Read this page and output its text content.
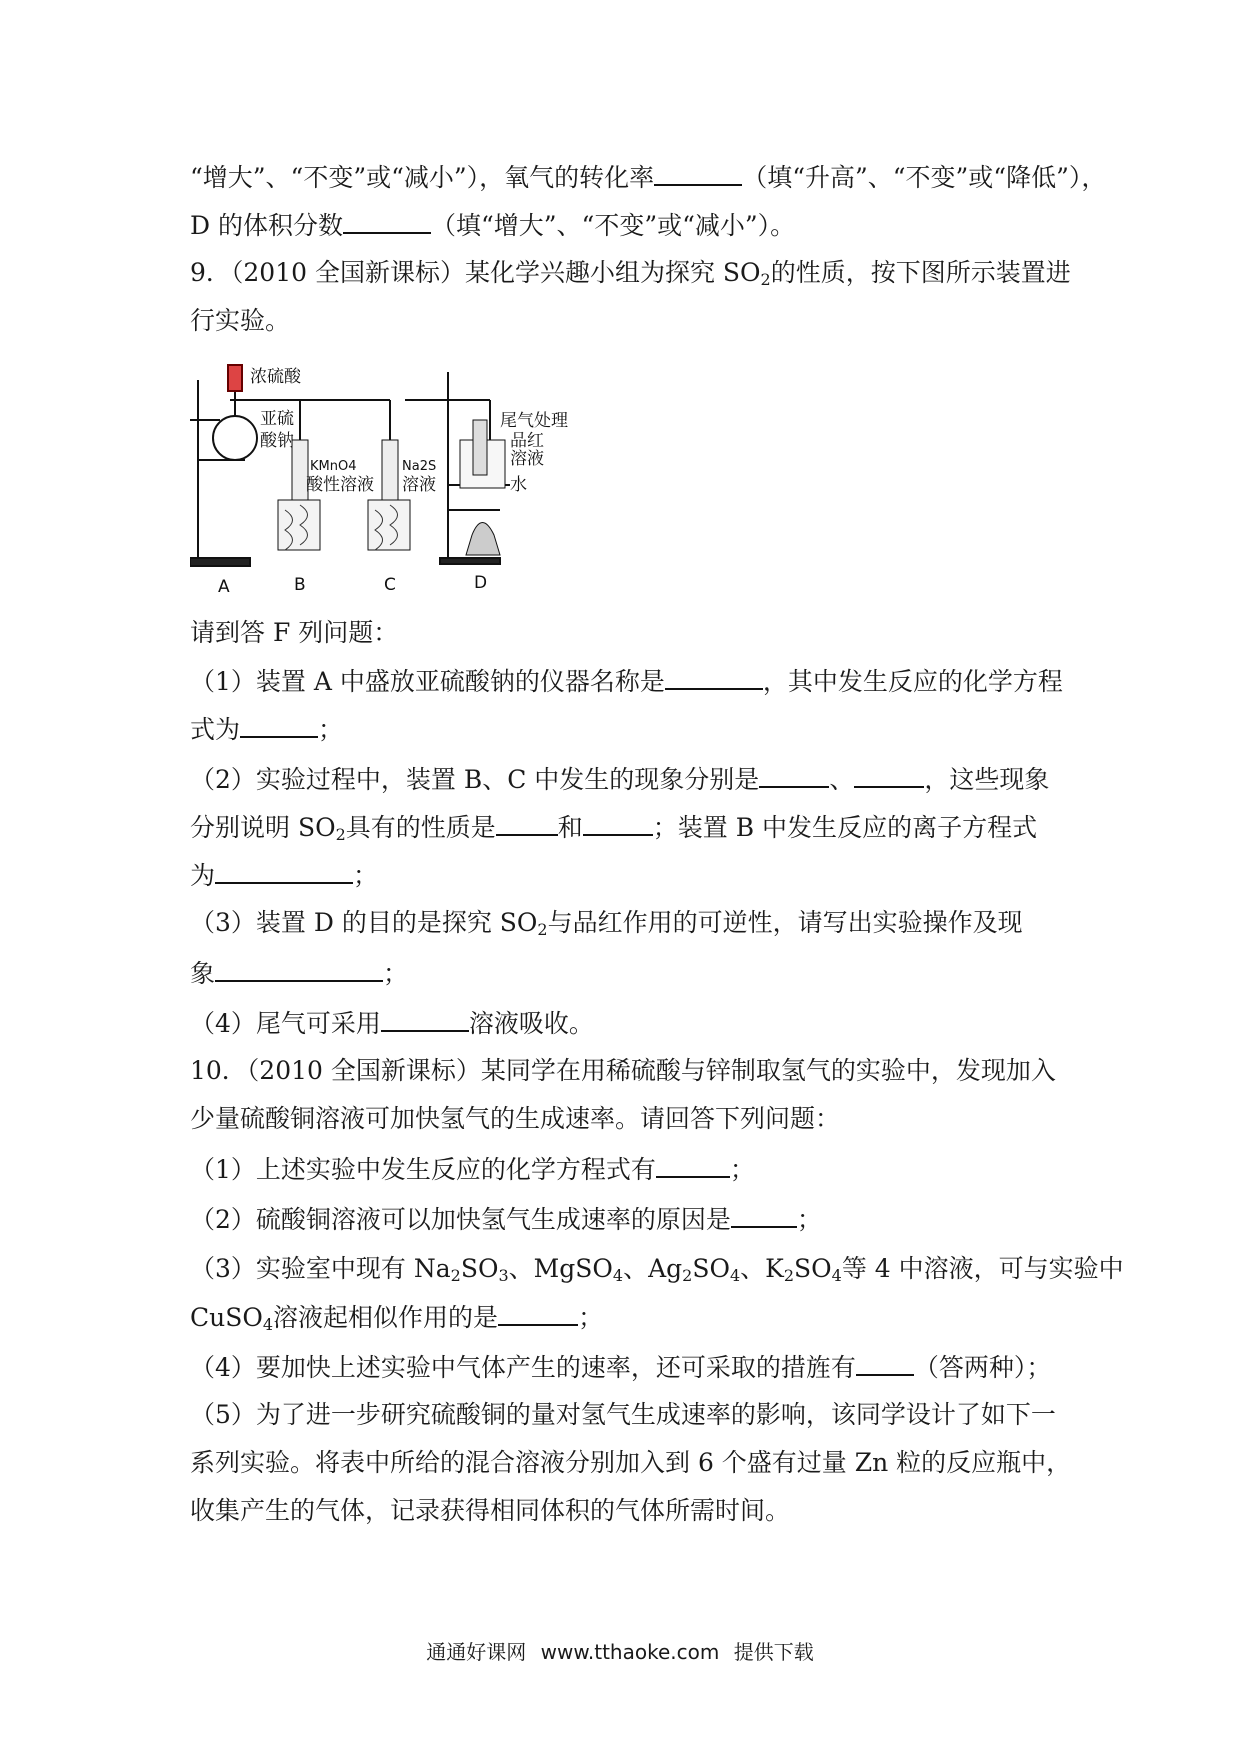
“增大”、“不变”或“减小”），氧气的转化率	（填“升高”、“不变”或“降低”），
D 的体积分数	（填“增大”、“不变”或“减小”）。
9．（2010 全国新课标）某化学兴趣小组为探究 $SO_2$的性质，按下图所示装置进
行实验。
浓硫酸
亚硫
酸钠
KMnO4
酸性溶液
Na2S
溶液
尾气处理
品红
溶液
水
A	B	C	D
请到答 F 列问题：
（1）装置 A 中盛放亚硫酸钠的仪器名称是	，其中发生反应的化学方程
式为	；
（2）实验过程中，装置 B、C 中发生的现象分别是	、	，这些现象
分别说明 $SO_2$具有的性质是 和	；装置 B 中发生反应的离子方程式
为	；
（3）装置 D 的目的是探究 $SO_2$与品红作用的可逆性，请写出实验操作及现
象	；
（4）尾气可采用	溶液吸收。
10．（2010 全国新课标）某同学在用稀硫酸与锌制取氢气的实验中，发现加入
少量硫酸铜溶液可加快氢气的生成速率。请回答下列问题：
（1）上述实验中发生反应的化学方程式有	；
（2）硫酸铜溶液可以加快氢气生成速率的原因是	；
（3）实验室中现有 $Na_2SO_3$、MgSO$_4$、$Ag_2SO_4$、$K_2SO_4$等 4 中溶液，可与实验中
CuSO$_4$溶液起相似作用的是	；
（4）要加快上述实验中气体产生的速率，还可采取的措旌有 （答两种）；
（5）为了进一步研究硫酸铜的量对氢气生成速率的影响，该同学设计了如下一
系列实验。将表中所给的混合溶液分别加入到 6 个盛有过量 Zn 粒的反应瓶中，
收集产生的气体，记录获得相同体积的气体所需时间。
通通好课网 www.tthaoke.com 提供下载
